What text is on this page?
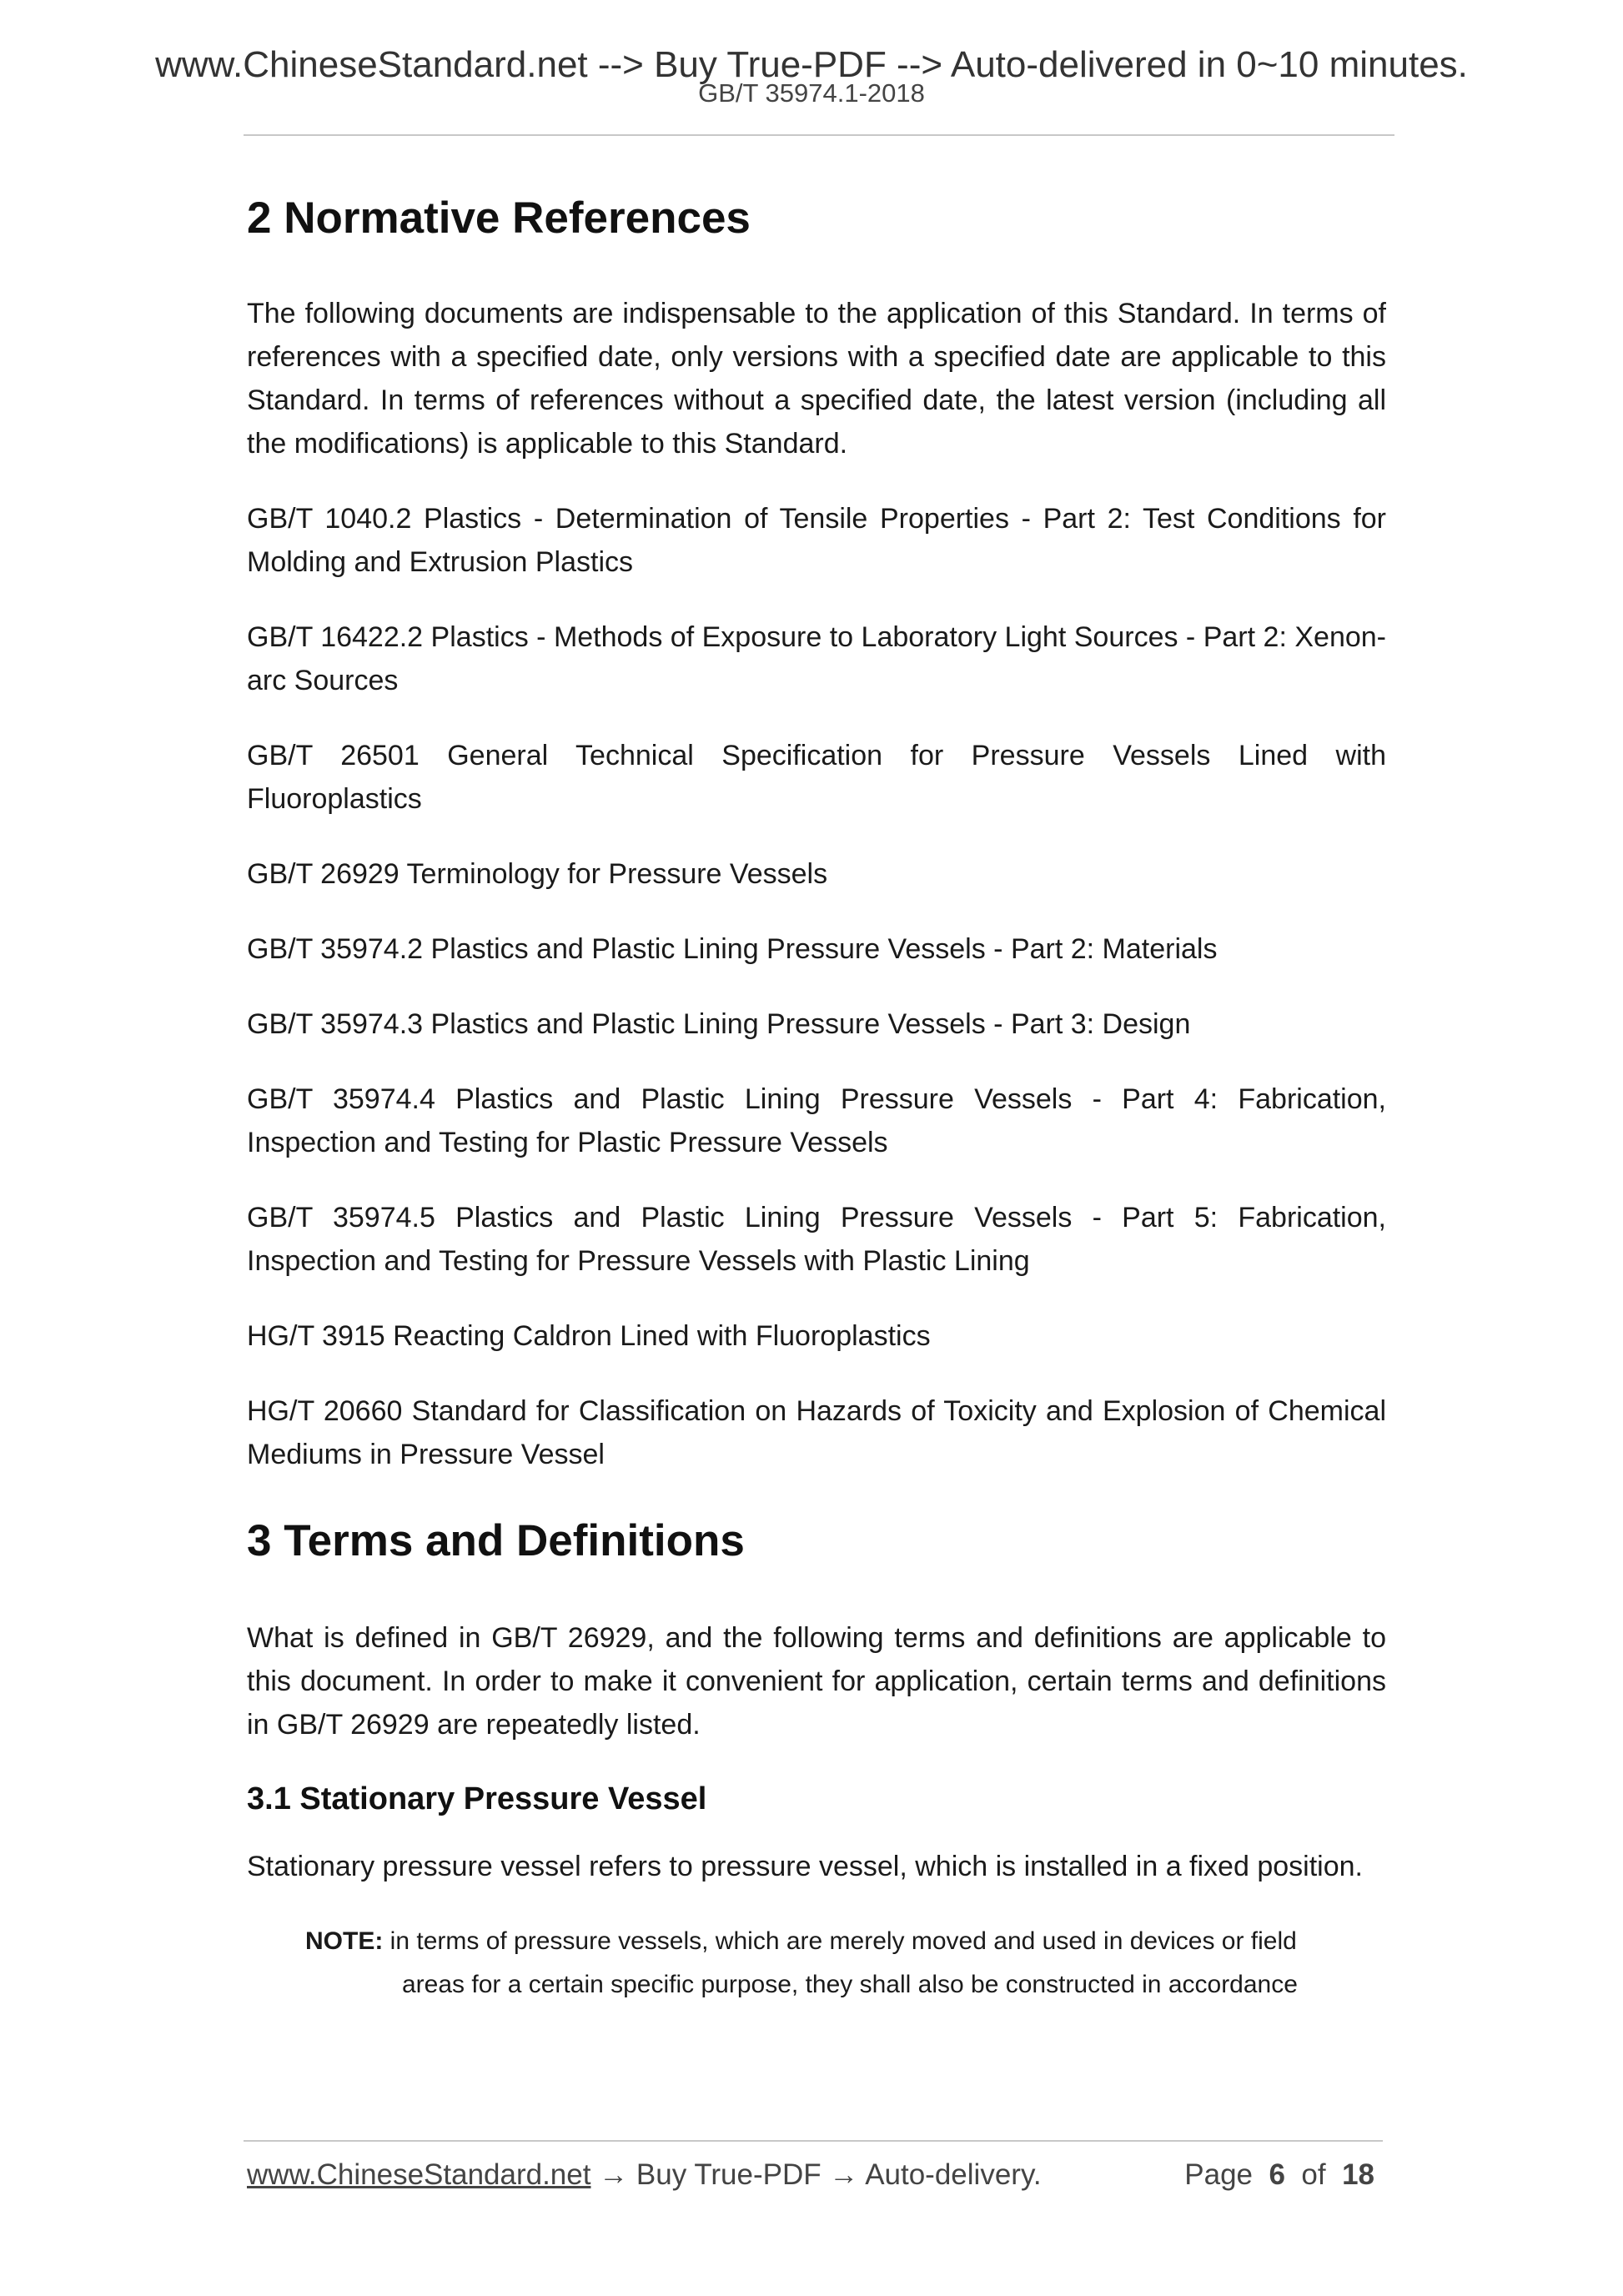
www.ChineseStandard.net --> Buy True-PDF --> Auto-delivered in 0~10 minutes.
GB/T 35974.1-2018
2 Normative References

The following documents are indispensable to the application of this Standard. In terms of references with a specified date, only versions with a specified date are applicable to this Standard. In terms of references without a specified date, the latest version (including all the modifications) is applicable to this Standard.

GB/T 1040.2 Plastics - Determination of Tensile Properties - Part 2: Test Conditions for Molding and Extrusion Plastics

GB/T 16422.2 Plastics - Methods of Exposure to Laboratory Light Sources - Part 2: Xenon-arc Sources

GB/T 26501 General Technical Specification for Pressure Vessels Lined with Fluoroplastics

GB/T 26929 Terminology for Pressure Vessels

GB/T 35974.2 Plastics and Plastic Lining Pressure Vessels - Part 2: Materials

GB/T 35974.3 Plastics and Plastic Lining Pressure Vessels - Part 3: Design

GB/T 35974.4 Plastics and Plastic Lining Pressure Vessels - Part 4: Fabrication, Inspection and Testing for Plastic Pressure Vessels

GB/T 35974.5 Plastics and Plastic Lining Pressure Vessels - Part 5: Fabrication, Inspection and Testing for Pressure Vessels with Plastic Lining

HG/T 3915 Reacting Caldron Lined with Fluoroplastics

HG/T 20660 Standard for Classification on Hazards of Toxicity and Explosion of Chemical Mediums in Pressure Vessel

3 Terms and Definitions

What is defined in GB/T 26929, and the following terms and definitions are applicable to this document. In order to make it convenient for application, certain terms and definitions in GB/T 26929 are repeatedly listed.

3.1 Stationary Pressure Vessel

Stationary pressure vessel refers to pressure vessel, which is installed in a fixed position.

NOTE: in terms of pressure vessels, which are merely moved and used in devices or field
areas for a certain specific purpose, they shall also be constructed in accordance
www.ChineseStandard.net → Buy True-PDF → Auto-delivery.	Page 6 of 18
